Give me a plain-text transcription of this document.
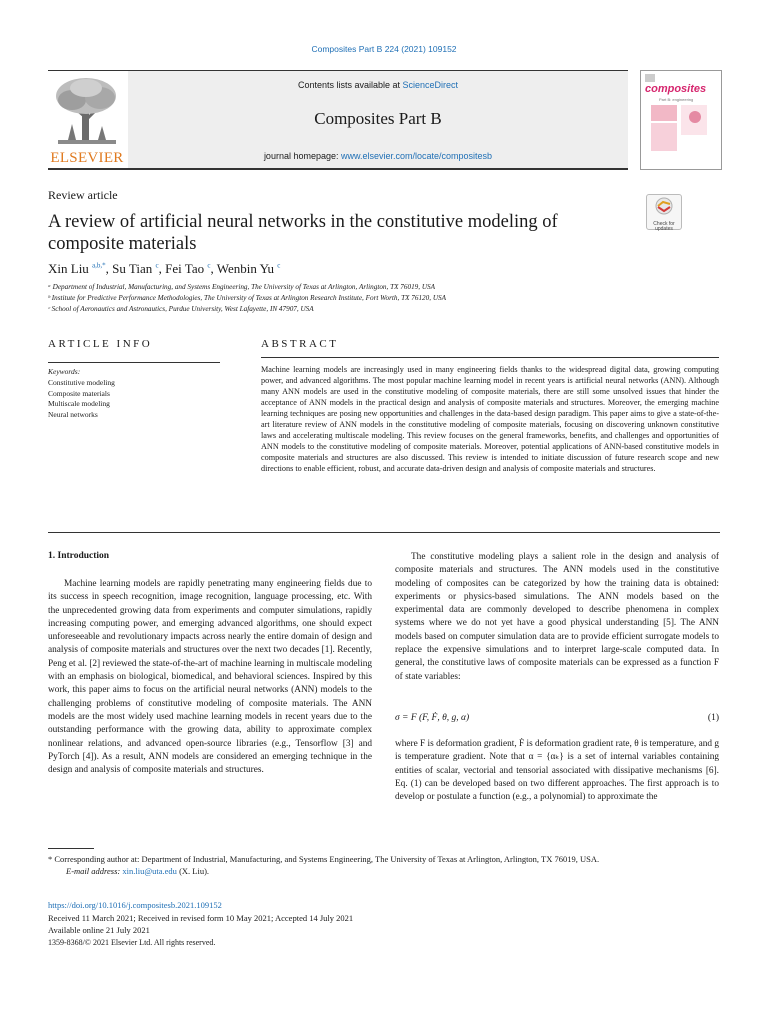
Composites Part B 224 (2021) 109152
ELSEVIER
Contents lists available at ScienceDirect
Composites Part B
journal homepage: www.elsevier.com/locate/compositesb
composites
Part B: engineering
Review article
A review of artificial neural networks in the constitutive modeling of composite materials
Check for updates
Xin Liu $^{a,b,*}$, Su Tian $^c$, Fei Tao $^c$, Wenbin Yu $^c$
ᵃ Department of Industrial, Manufacturing, and Systems Engineering, The University of Texas at Arlington, Arlington, TX 76019, USA
ᵇ Institute for Predictive Performance Methodologies, The University of Texas at Arlington Research Institute, Fort Worth, TX 76120, USA
ᶜ School of Aeronautics and Astronautics, Purdue University, West Lafayette, IN 47907, USA
ARTICLE INFO
Keywords:
Constitutive modeling
Composite materials
Multiscale modeling
Neural networks
ABSTRACT
Machine learning models are increasingly used in many engineering fields thanks to the widespread digital data, growing computing power, and advanced algorithms. The most popular machine learning model in recent years is artificial neural networks (ANN). Although many ANN models are used in the constitutive modeling of composite materials, there are still some unsolved issues that hinder the acceptance of ANN models in the practical design and analysis of composite materials and structures. Moreover, the emerging machine learning techniques are posing new opportunities and challenges in the data-based design paradigm. This paper aims to give a state-of-the-art literature review of ANN models in the constitutive modeling of composite materials, focusing on discovering unknown constitutive laws and accelerating multiscale modeling. This review focuses on the general frameworks, benefits, and challenges and opportunities of ANN models to the constitutive modeling of composite materials. Moreover, potential applications of ANN-based constitutive models in composite materials and structures are also discussed. This review is intended to initiate discussion of future research scope and new directions to enable efficient, robust, and accurate data-driven design and analysis of composite materials and structures.
1. Introduction
Machine learning models are rapidly penetrating many engineering fields due to its success in speech recognition, image recognition, language processing, etc. With the unprecedented growing data from experiments and computer simulations, rapidly increasing computing power, and emerging advanced algorithms, one should expect unforeseeable and revolutionary impacts across nearly the entire domain of design and analysis of composite materials and structures over the next two decades [1]. Recently, Peng et al. [2] reviewed the state-of-the-art of machine learning in multiscale modeling with an emphasis on biological, biomedical, and behavioral sciences. Inspired by this work, this paper aims to focus on the artificial neural networks (ANN) models to the challenging problems of constitutive modeling of composite materials. The ANN models are the most widely used machine learning models in recent years due to the outstanding performance with the growing data, ability to approximate complex nonlinear relations, and advanced open-source libraries (e.g., Tensorflow [3] and PyTorch [4]). As a result, ANN models are considered an emerging technique in the design and analysis of composite materials and structures.
The constitutive modeling plays a salient role in the design and analysis of composite materials and structures. The ANN models used in the constitutive modeling of composites can be categorized by how the training data is obtained: experiments or physics-based simulations. The ANN models based on the experimental data are commonly developed to describe phenomena in complex systems where we do not yet have a good physical understanding [5]. The ANN models based on computer simulation data are to provide efficient surrogate models to replace the expensive simulations and to interpret large-scale computed data. In general, the constitutive laws of composite materials can be expressed as a function F of state variables:
σ = F (F, Ḟ, θ, g, α)	(1)
where F is deformation gradient, Ḟ is deformation gradient rate, θ is temperature, and g is temperature gradient. Note that α = {αₖ} is a set of internal variables containing entities of scalar, vectorial and tensorial associated with dissipative mechanisms [6]. Eq. (1) can be developed based on two different approaches. The first approach is to develop or postulate a function (e.g., a polynomial) to approximate the
* Corresponding author at: Department of Industrial, Manufacturing, and Systems Engineering, The University of Texas at Arlington, Arlington, TX 76019, USA.
E-mail address: xin.liu@uta.edu (X. Liu).
https://doi.org/10.1016/j.compositesb.2021.109152
Received 11 March 2021; Received in revised form 10 May 2021; Accepted 14 July 2021
Available online 21 July 2021
1359-8368/© 2021 Elsevier Ltd. All rights reserved.
